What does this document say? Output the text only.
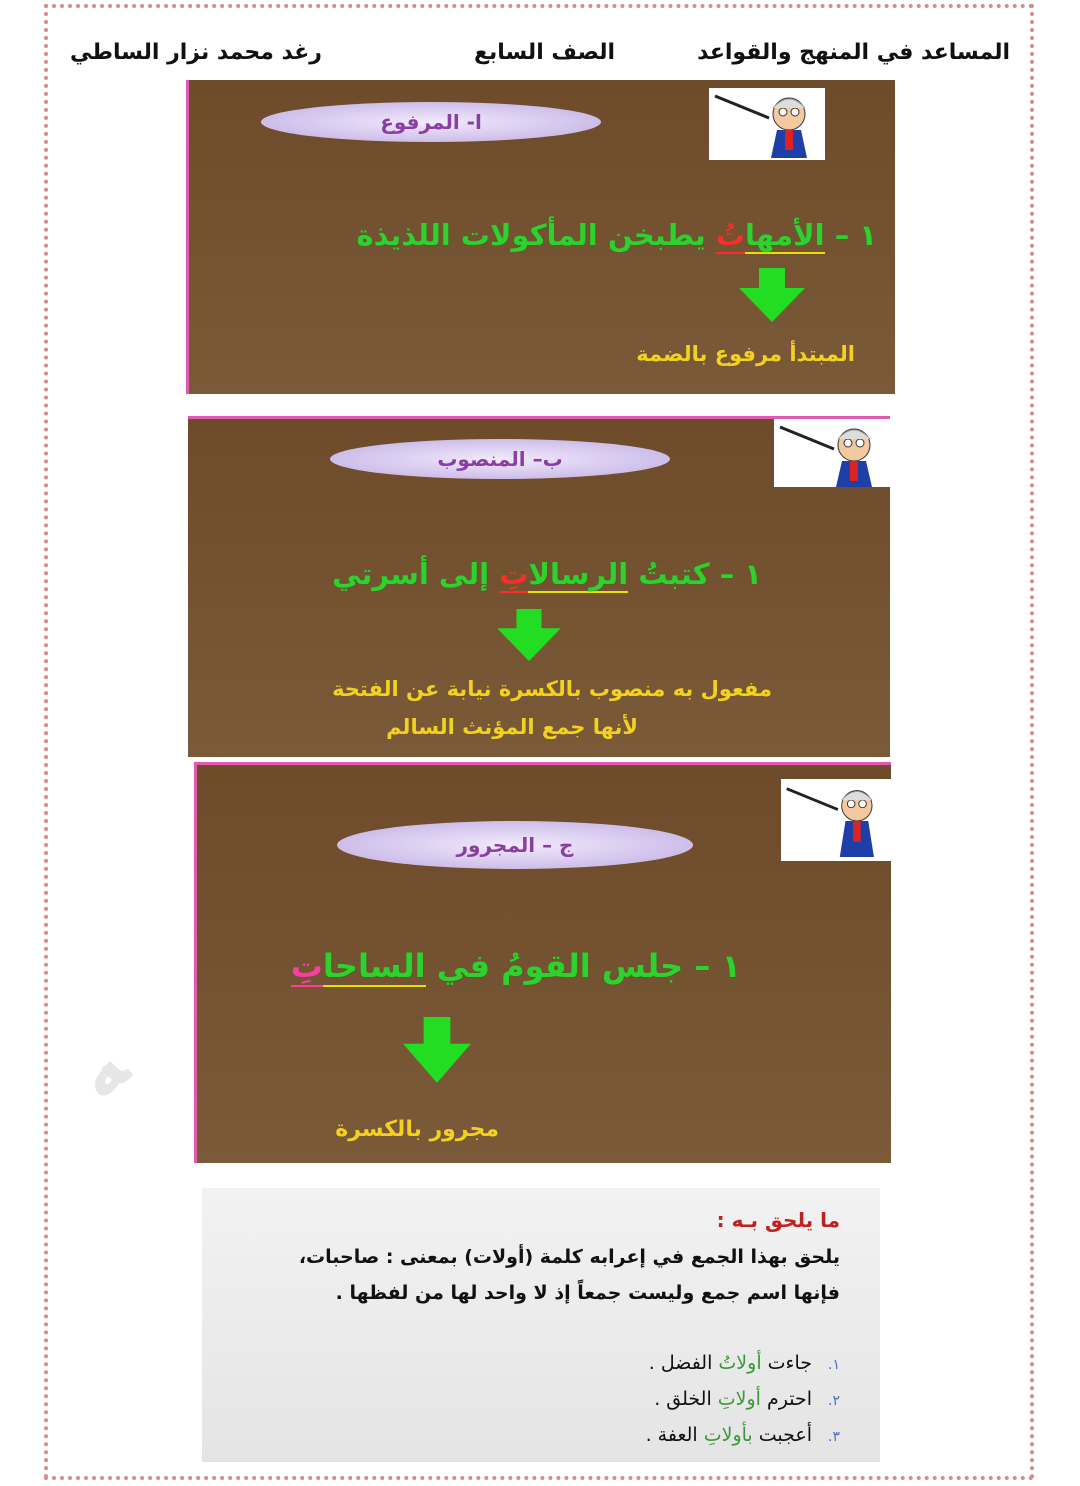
رغد محمد نزار الساطي	الصف السابع	المساعد في المنهج والقواعد
ا- المرفوع
١ – الأمهاتُ يطبخن المأكولات اللذيذة
المبتدأ مرفوع بالضمة
ب– المنصوب
١ – كتبتُ الرسالاتِ إلى أسرتي
مفعول به منصوب بالكسرة نيابة عن الفتحة
لأنها جمع المؤنث السالم
ج – المجرور
١ – جلس القومُ في الساحاتِ
مجرور بالكسرة
ﻪ
ما يلحق بـه :
يلحق بهذا الجمع في إعرابه كلمة (أولات) بمعنى : صاحبات،
فإنها اسم جمع وليست جمعاً إذ لا واحد لها من لفظها .
١.جاءت أولاتُ الفضل .
٢.احترم أولاتِ الخلق .
٣.أعجبت بأولاتِ العفة .
